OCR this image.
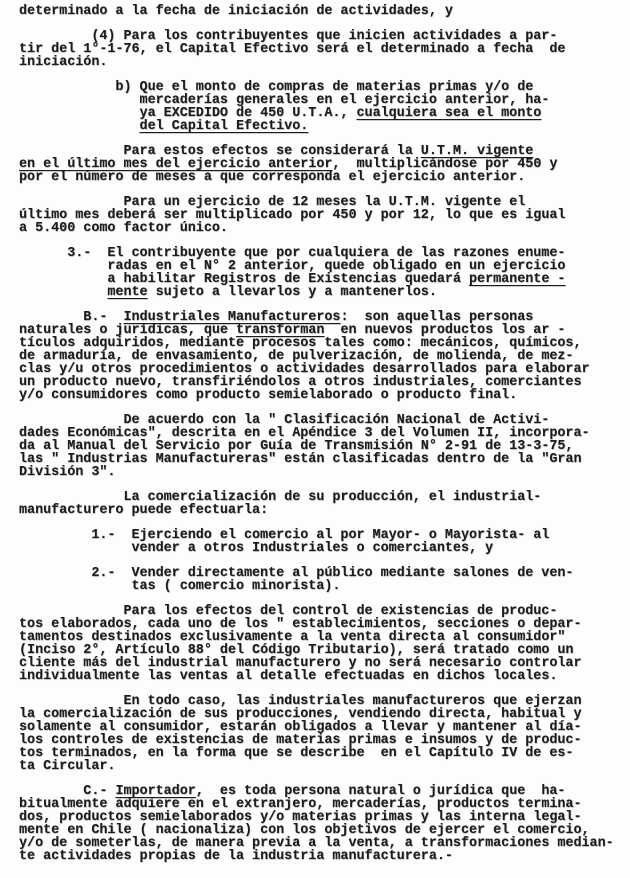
determinado a la fecha de iniciación de actividades, y
(4) Para los contribuyentes que inicien actividades a par-
tir del 1°-1-76, el Capital Efectivo será el determinado a fecha  de
iniciación.
b) Que el monto de compras de materias primas y/o de
mercaderías generales en el ejercicio anterior, ha-
ya EXCEDIDO de 450 U.T.A., cualquiera sea el monto
del Capital Efectivo.
Para estos efectos se considerará la U.T.M. vigente
en el último mes del ejercicio anterior,  multiplicándose por 450 y
por el número de meses a que corresponda el ejercicio anterior.
Para un ejercicio de 12 meses la U.T.M. vigente el
último mes deberá ser multiplicado por 450 y por 12, lo que es igual
a 5.400 como factor único.
3.-  El contribuyente que por cualquiera de las razones enume-
radas en el N° 2 anterior, quede obligado en un ejercicio
a habilitar Registros de Existencias quedará permanente -
mente sujeto a llevarlos y a mantenerlos.
B.-  Industriales Manufactureros:  son aquellas personas
naturales o jurídicas, que transforman  en nuevos productos los ar -
tículos adquiridos, mediante procesos tales como: mecánicos, químicos,
de armaduría, de envasamiento, de pulverización, de molienda, de mez-
clas y/u otros procedimientos o actividades desarrollados para elaborar
un producto nuevo, transfiriéndolos a otros industriales, comerciantes
y/o consumidores como producto semielaborado o producto final.
De acuerdo con la " Clasificación Nacional de Activi-
dades Económicas", descrita en el Apéndice 3 del Volumen II, incorpora-
da al Manual del Servicio por Guía de Transmisión N° 2-91 de 13-3-75,
las " Industrias Manufactureras" están clasificadas dentro de la "Gran
División 3".
La comercialización de su producción, el industrial-
manufacturero puede efectuarla:
1.-  Ejerciendo el comercio al por Mayor- o Mayorista- al
vender a otros Industriales o comerciantes, y
2.-  Vender directamente al público mediante salones de ven-
tas ( comercio minorista).
Para los efectos del control de existencias de produc-
tos elaborados, cada uno de los " establecimientos, secciones o depar-
tamentos destinados exclusivamente a la venta directa al consumidor"
(Inciso 2°, Artículo 88° del Código Tributario), será tratado como un
cliente más del industrial manufacturero y no será necesario controlar
individualmente las ventas al detalle efectuadas en dichos locales.
En todo caso, las industriales manufactureros que ejerzan
la comercialización de sus producciones, vendiendo directa, habitual y
solamente al consumidor, estarán obligados a llevar y mantener al día-
los controles de existencias de materias primas e insumos y de produc-
tos terminados, en la forma que se describe  en el Capítulo IV de es-
ta Circular.
C.- Importador,  es toda persona natural o jurídica que  ha-
bitualmente adquiere en el extranjero, mercaderías, productos termina-
dos, productos semielaborados y/o materias primas y las interna legal-
mente en Chile ( nacionaliza) con los objetivos de ejercer el comercio,
y/o de someterlas, de manera previa a la venta, a transformaciones median-
te actividades propias de la industria manufacturera.-
